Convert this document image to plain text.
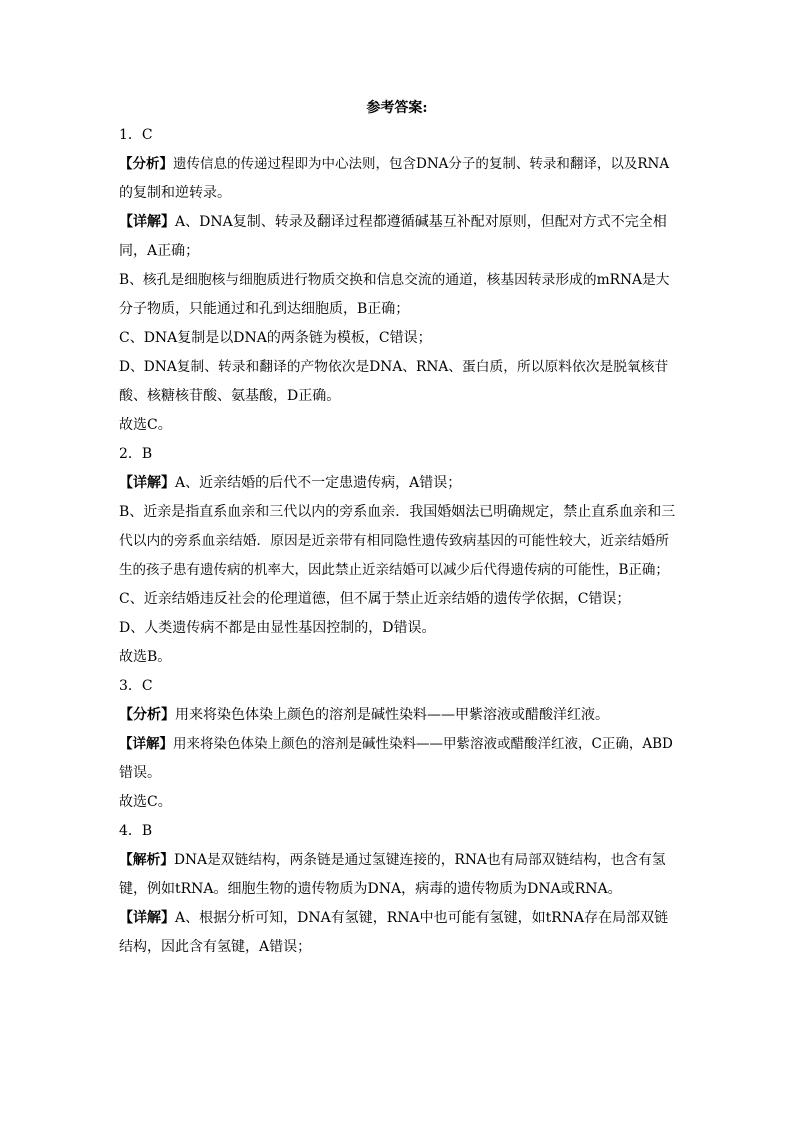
参考答案:
1．C
【分析】遗传信息的传递过程即为中心法则，包含DNA分子的复制、转录和翻译，以及RNA
的复制和逆转录。
【详解】A、DNA复制、转录及翻译过程都遵循碱基互补配对原则，但配对方式不完全相
同，A正确；
B、核孔是细胞核与细胞质进行物质交换和信息交流的通道，核基因转录形成的mRNA是大
分子物质，只能通过和孔到达细胞质，B正确；
C、DNA复制是以DNA的两条链为模板，C错误；
D、DNA复制、转录和翻译的产物依次是DNA、RNA、蛋白质，所以原料依次是脱氧核苷
酸、核糖核苷酸、氨基酸，D正确。
故选C。
2．B
【详解】A、近亲结婚的后代不一定患遗传病，A错误；
B、近亲是指直系血亲和三代以内的旁系血亲．我国婚姻法已明确规定，禁止直系血亲和三
代以内的旁系血亲结婚．原因是近亲带有相同隐性遗传致病基因的可能性较大，近亲结婚所
生的孩子患有遗传病的机率大，因此禁止近亲结婚可以减少后代得遗传病的可能性，B正确；
C、近亲结婚违反社会的伦理道德，但不属于禁止近亲结婚的遗传学依据，C错误；
D、人类遗传病不都是由显性基因控制的，D错误。
故选B。
3．C
【分析】用来将染色体染上颜色的溶剂是碱性染料——甲紫溶液或醋酸洋红液。
【详解】用来将染色体染上颜色的溶剂是碱性染料——甲紫溶液或醋酸洋红液，C正确，ABD
错误。
故选C。
4．B
【解析】DNA是双链结构，两条链是通过氢键连接的，RNA也有局部双链结构，也含有氢
键，例如tRNA。细胞生物的遗传物质为DNA，病毒的遗传物质为DNA或RNA。
【详解】A、根据分析可知，DNA有氢键，RNA中也可能有氢键，如tRNA存在局部双链
结构，因此含有氢键，A错误；
